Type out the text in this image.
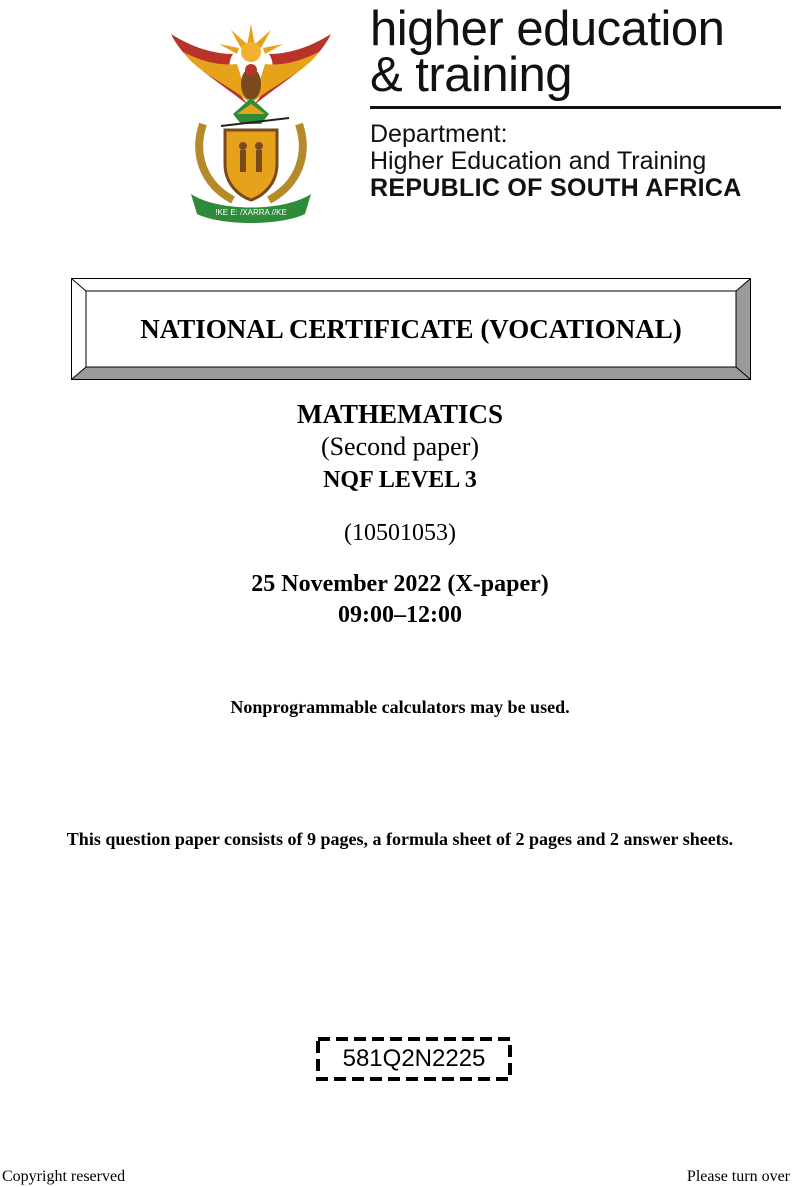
!KE E: /XARRA //KE
higher education
& training
Department:
Higher Education and Training
REPUBLIC OF SOUTH AFRICA
NATIONAL CERTIFICATE (VOCATIONAL)
MATHEMATICS
(Second paper)
NQF LEVEL 3
(10501053)
25 November 2022 (X-paper)
09:00–12:00
Nonprogrammable calculators may be used.
This question paper consists of 9 pages, a formula sheet of 2 pages and 2 answer sheets.
581Q2N2225
Copyright reserved	Please turn over
